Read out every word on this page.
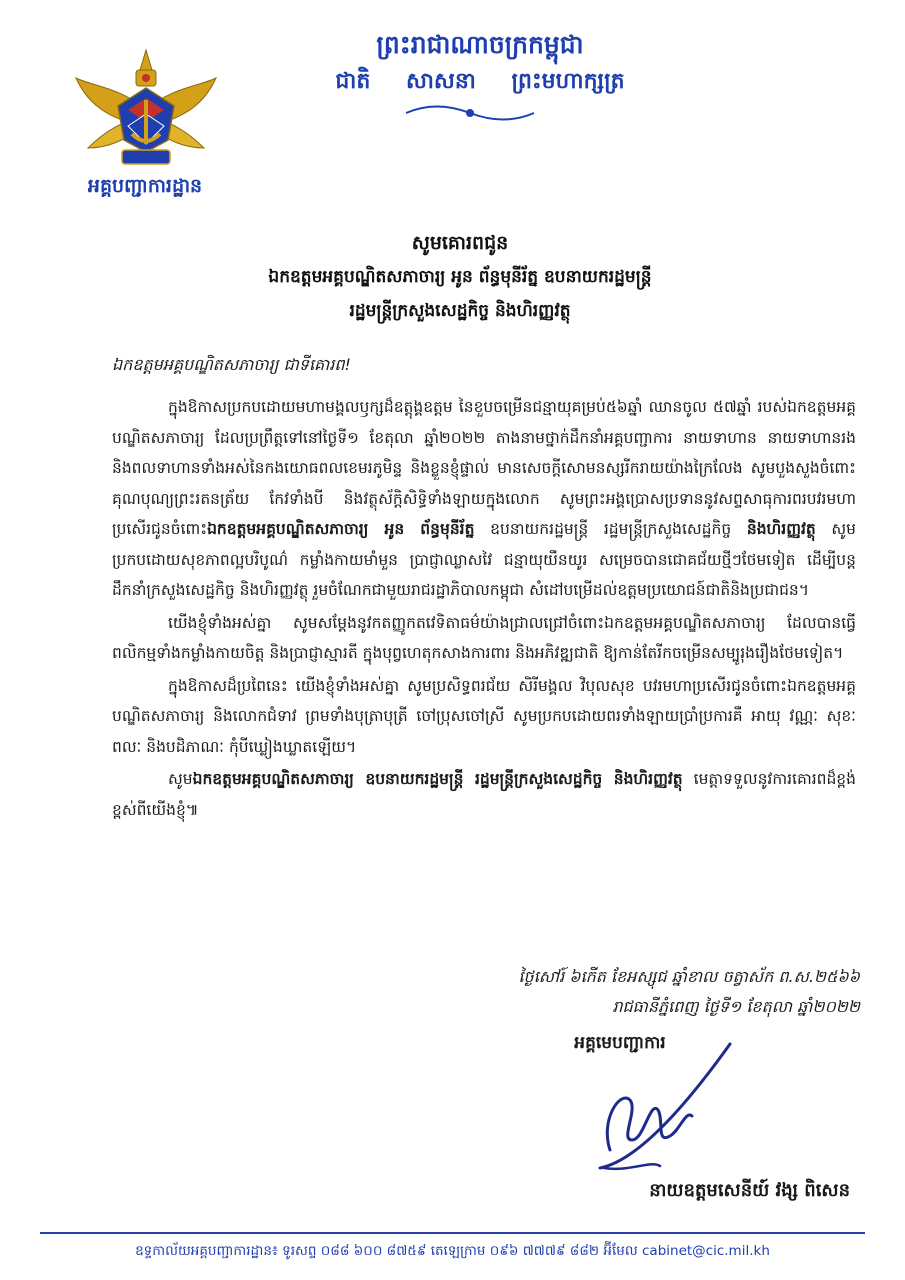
អគ្គបញ្ជាការដ្ឋាន
ព្រះរាជាណាចក្រកម្ពុជា
ជាតិ សាសនា ព្រះមហាក្សត្រ
សូមគោរពជូន
ឯកឧត្តមអគ្គបណ្ឌិតសភាចារ្យ អូន ព័ន្ធមុនីរ័ត្ន ឧបនាយករដ្ឋមន្ត្រី
រដ្ឋមន្ត្រីក្រសួងសេដ្ឋកិច្ច និងហិរញ្ញវត្ថុ
ឯកឧត្តមអគ្គបណ្ឌិតសភាចារ្យ ជាទីគោរព!

ក្នុងឱកាសប្រកបដោយមហាមង្គលឫក្សដ៏ឧត្តុង្គឧត្តម នៃខួបចម្រើនជន្មាយុគម្រប់៥៦ឆ្នាំ ឈានចូល ៥៧ឆ្នាំ របស់ឯកឧត្តមអគ្គបណ្ឌិតសភាចារ្យ ដែលប្រព្រឹត្តទៅនៅថ្ងៃទី១ ខែតុលា ឆ្នាំ២០២២ តាងនាមថ្នាក់ដឹកនាំអគ្គបញ្ជាការ នាយទាហាន នាយទាហានរង និងពលទាហានទាំងអស់នៃកងយោធពលខេមរភូមិន្ទ និងខ្លួនខ្ញុំផ្ទាល់ មានសេចក្តីសោមនស្សរីករាយយ៉ាងក្រៃលែង សូមបួងសួងចំពោះគុណបុណ្យព្រះរតនត្រ័យ កែវទាំងបី និងវត្ថុស័ក្តិសិទ្ធិទាំងឡាយក្នុងលោក សូមព្រះអង្គប្រោសប្រទាននូវសព្ទសាធុការពរបវរមហាប្រសើរជូនចំពោះឯកឧត្តមអគ្គបណ្ឌិតសភាចារ្យ អូន ព័ន្ធមុនីរ័ត្ន ឧបនាយករដ្ឋមន្ត្រី រដ្ឋមន្ត្រីក្រសួងសេដ្ឋកិច្ច និងហិរញ្ញវត្ថុ សូមប្រកបដោយសុខភាពល្អបរិបូណ៌ កម្លាំងកាយមាំមួន ប្រាជ្ញាឈ្លាសវៃ ជន្មាយុយឺនយូរ សម្រេចបានជោគជ័យថ្មីៗថែមទៀត ដើម្បីបន្តដឹកនាំក្រសួងសេដ្ឋកិច្ច និងហិរញ្ញវត្ថុ រួមចំណែកជាមួយរាជរដ្ឋាភិបាលកម្ពុជា សំដៅបម្រើដល់ឧត្តមប្រយោជន៍ជាតិនិងប្រជាជន។

យើងខ្ញុំទាំងអស់គ្នា សូមសម្តែងនូវកតញ្ញូកតវេទិតាធម៌យ៉ាងជ្រាលជ្រៅចំពោះឯកឧត្តមអគ្គបណ្ឌិតសភាចារ្យ ដែលបានធ្វើពលិកម្មទាំងកម្លាំងកាយចិត្ត និងប្រាជ្ញាស្មារតី ក្នុងបុព្វហេតុកសាងការពារ និងអភិវឌ្ឍជាតិ ឱ្យកាន់តែរីកចម្រើនសម្បូរុងរឿងថែមទៀត។

ក្នុងឱកាសដ៏ប្រពៃនេះ យើងខ្ញុំទាំងអស់គ្នា សូមប្រសិទ្ធពរជ័យ សិរីមង្គល វិបុលសុខ បវរមហាប្រសើរជូនចំពោះឯកឧត្តមអគ្គបណ្ឌិតសភាចារ្យ និងលោកជំទាវ ព្រមទាំងបុត្រាបុត្រី ចៅប្រុសចៅស្រី សូមប្រកបដោយពរទាំងឡាយប្រាំប្រការគឺ អាយុ វណ្ណៈ សុខៈ ពលៈ និងបដិភាណៈ កុំបីឃ្លៀងឃ្លាតឡើយ។

សូមឯកឧត្តមអគ្គបណ្ឌិតសភាចារ្យ ឧបនាយករដ្ឋមន្ត្រី រដ្ឋមន្ត្រីក្រសួងសេដ្ឋកិច្ច និងហិរញ្ញវត្ថុ មេត្តាទទួលនូវការគោរពដ៏ខ្ពង់ខ្ពស់ពីយើងខ្ញុំ៕

ថ្ងៃសៅរ៍ ៦កើត ខែអស្សុជ ឆ្នាំខាល ចត្វាស័ក ព.ស.២៥៦៦
រាជធានីភ្នំពេញ ថ្ងៃទី១ ខែតុលា ឆ្នាំ២០២២
អគ្គមេបញ្ជាការ
នាយឧត្តមសេនីយ៍ វង្ស ពិសេន
ឧទ្ទកាល័យអគ្គបញ្ជាការដ្ឋាន៖ ទូរសព្ទ ០៨៨ ៦០០ ៨៧៥៩ តេឡេក្រាម ០៩៦ ៧៧៧៩ ៨៨២ អ៊ីមែល cabinet@cic.mil.kh
